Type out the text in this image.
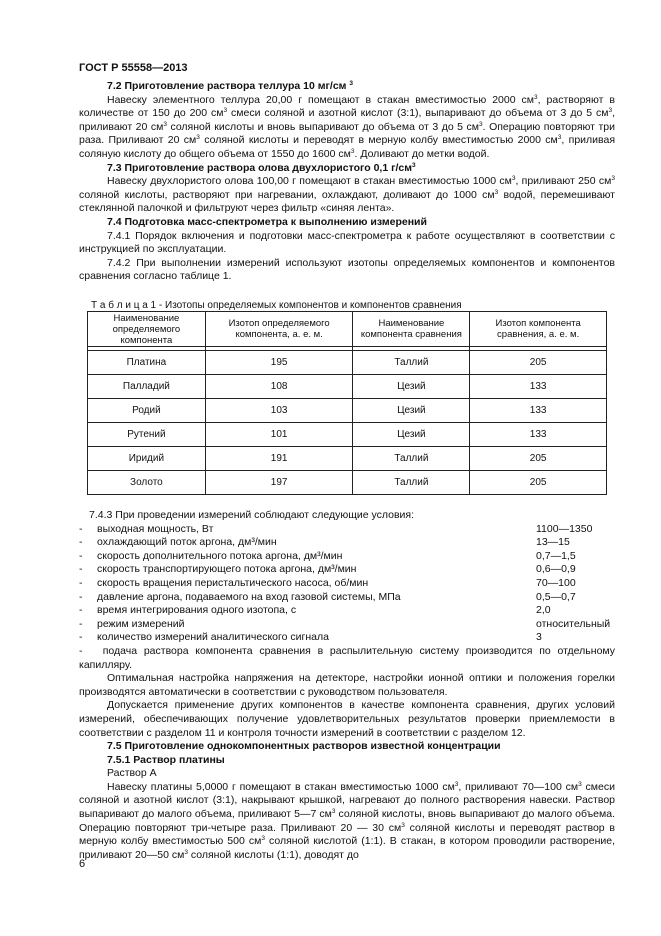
ГОСТ Р 55558—2013

7.2 Приготовление раствора теллура 10 мг/см $^3$

Навеску элементного теллура 20,00 г помещают в стакан вместимостью 2000 $см^3$, растворяют в количестве от 150 до 200 $см^3$ смеси соляной и азотной кислот (3:1), выпаривают до объема от 3 до 5 $см^3$, приливают 20 $см^3$ соляной кислоты и вновь выпаривают до объема от 3 до 5 $см^3$. Операцию повторяют три раза. Приливают 20 $см^3$ соляной кислоты и переводят в мерную колбу вместимостью 2000 $см^3$, приливая соляную кислоту до общего объема от 1550 до 1600 $см^3$. Доливают до метки водой.

7.3 Приготовление раствора олова двухлористого 0,1 $г/см^3$

Навеску двухлористого олова 100,00 г помещают в стакан вместимостью 1000 $см^3$, приливают 250 $см^3$ соляной кислоты, растворяют при нагревании, охлаждают, доливают до 1000 $см^3$ водой, перемешивают стеклянной палочкой и фильтруют через фильтр «синяя лента».

7.4 Подготовка масс-спектрометра к выполнению измерений

7.4.1 Порядок включения и подготовки масс-спектрометра к работе осуществляют в соответствии с инструкцией по эксплуатации.

7.4.2 При выполнении измерений используют изотопы определяемых компонентов и компонентов сравнения согласно таблице 1.

Т а б л и ц а 1 - Изотопы определяемых компонентов и компонентов сравнения
Наименование определяемого компонента	Изотоп определяемого компонента, а. е. м.	Наименование компонента сравнения	Изотоп компонента сравнения, а. е. м.

Платина	195	Таллий	205
Палладий	108	Цезий	133
Родий	103	Цезий	133
Рутений	101	Цезий	133
Иридий	191	Таллий	205
Золото	197	Таллий	205

7.4.3 При проведении измерений соблюдают следующие условия:

- выходная мощность, Вт	1100—1350
- охлаждающий поток аргона, дм³/мин	13—15
- скорость дополнительного потока аргона, дм³/мин	0,7—1,5
- скорость транспортирующего потока аргона, дм³/мин	0,6—0,9
- скорость вращения перистальтического насоса, об/мин	70—100
- давление аргона, подаваемого на вход газовой системы, МПа	0,5—0,7
- время интегрирования одного изотопа, с	2,0
- режим измерений	относительный
- количество измерений аналитического сигнала	3

-   подача раствора компонента сравнения в распылительную систему производится по отдельному капилляру.

Оптимальная настройка напряжения на детекторе, настройки ионной оптики и положения горелки производятся автоматически в соответствии с руководством пользователя.

Допускается применение других компонентов в качестве компонента сравнения, других условий измерений, обеспечивающих получение удовлетворительных результатов проверки приемлемости в соответствии с разделом 11 и контроля точности измерений в соответствии с разделом 12.

7.5 Приготовление однокомпонентных растворов известной концентрации

7.5.1 Раствор платины

Раствор А

Навеску платины 5,0000 г помещают в стакан вместимостью 1000 $см^3$, приливают 70—100 $см^3$ смеси соляной и азотной кислот (3:1), накрывают крышкой, нагревают до полного растворения навески. Раствор выпаривают до малого объема, приливают 5—7 $см^3$ соляной кислоты, вновь выпаривают до малого объема. Операцию повторяют три-четыре раза. Приливают 20 — 30 $см^3$ соляной кислоты и переводят раствор в мерную колбу вместимостью 500 $см^3$ соляной кислотой (1:1). В стакан, в котором проводили растворение, приливают 20—50 $см^3$ соляной кислоты (1:1), доводят до

6
